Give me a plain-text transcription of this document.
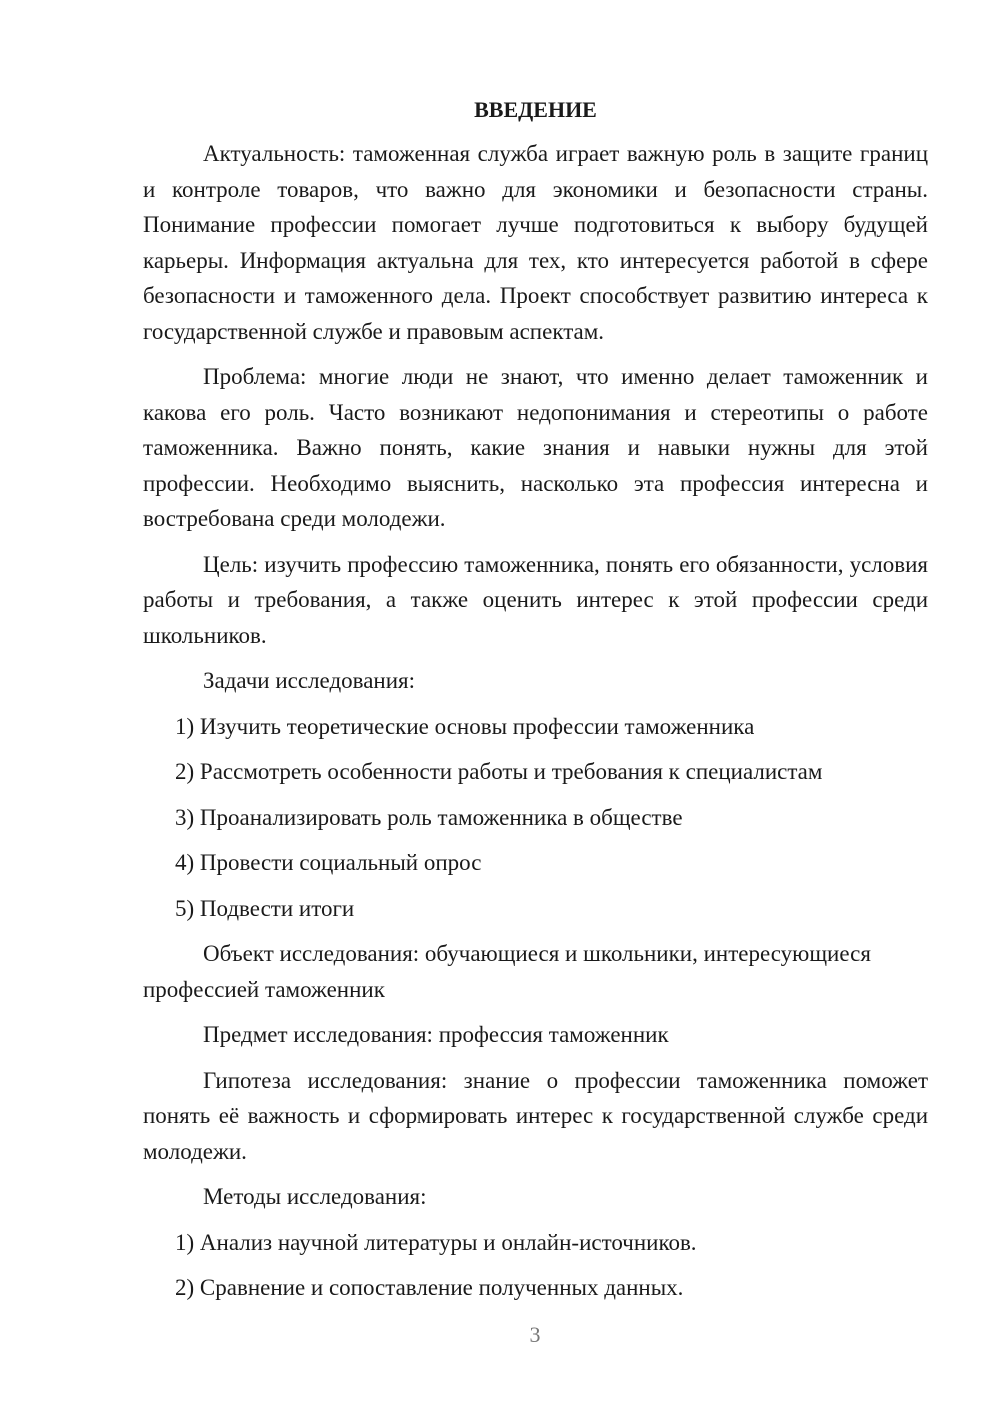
ВВЕДЕНИЕ
Актуальность: таможенная служба играет важную роль в защите границ и контроле товаров, что важно для экономики и безопасности страны. Понимание профессии помогает лучше подготовиться к выбору будущей карьеры. Информация актуальна для тех, кто интересуется работой в сфере безопасности и таможенного дела. Проект способствует развитию интереса к государственной службе и правовым аспектам.
Проблема: многие люди не знают, что именно делает таможенник и какова его роль. Часто возникают недопонимания и стереотипы о работе таможенника. Важно понять, какие знания и навыки нужны для этой профессии. Необходимо выяснить, насколько эта профессия интересна и востребована среди молодежи.
Цель: изучить профессию таможенника, понять его обязанности, условия работы и требования, а также оценить интерес к этой профессии среди школьников.
Задачи исследования:
1) Изучить теоретические основы профессии таможенника
2) Рассмотреть особенности работы и требования к специалистам
3) Проанализировать роль таможенника в обществе
4) Провести социальный опрос
5) Подвести итоги
Объект исследования: обучающиеся и школьники, интересующиеся профессией таможенник
Предмет исследования: профессия таможенник
Гипотеза исследования: знание о профессии таможенника поможет понять её важность и сформировать интерес к государственной службе среди молодежи.
Методы исследования:
1) Анализ научной литературы и онлайн-источников.
2) Сравнение и сопоставление полученных данных.
3
